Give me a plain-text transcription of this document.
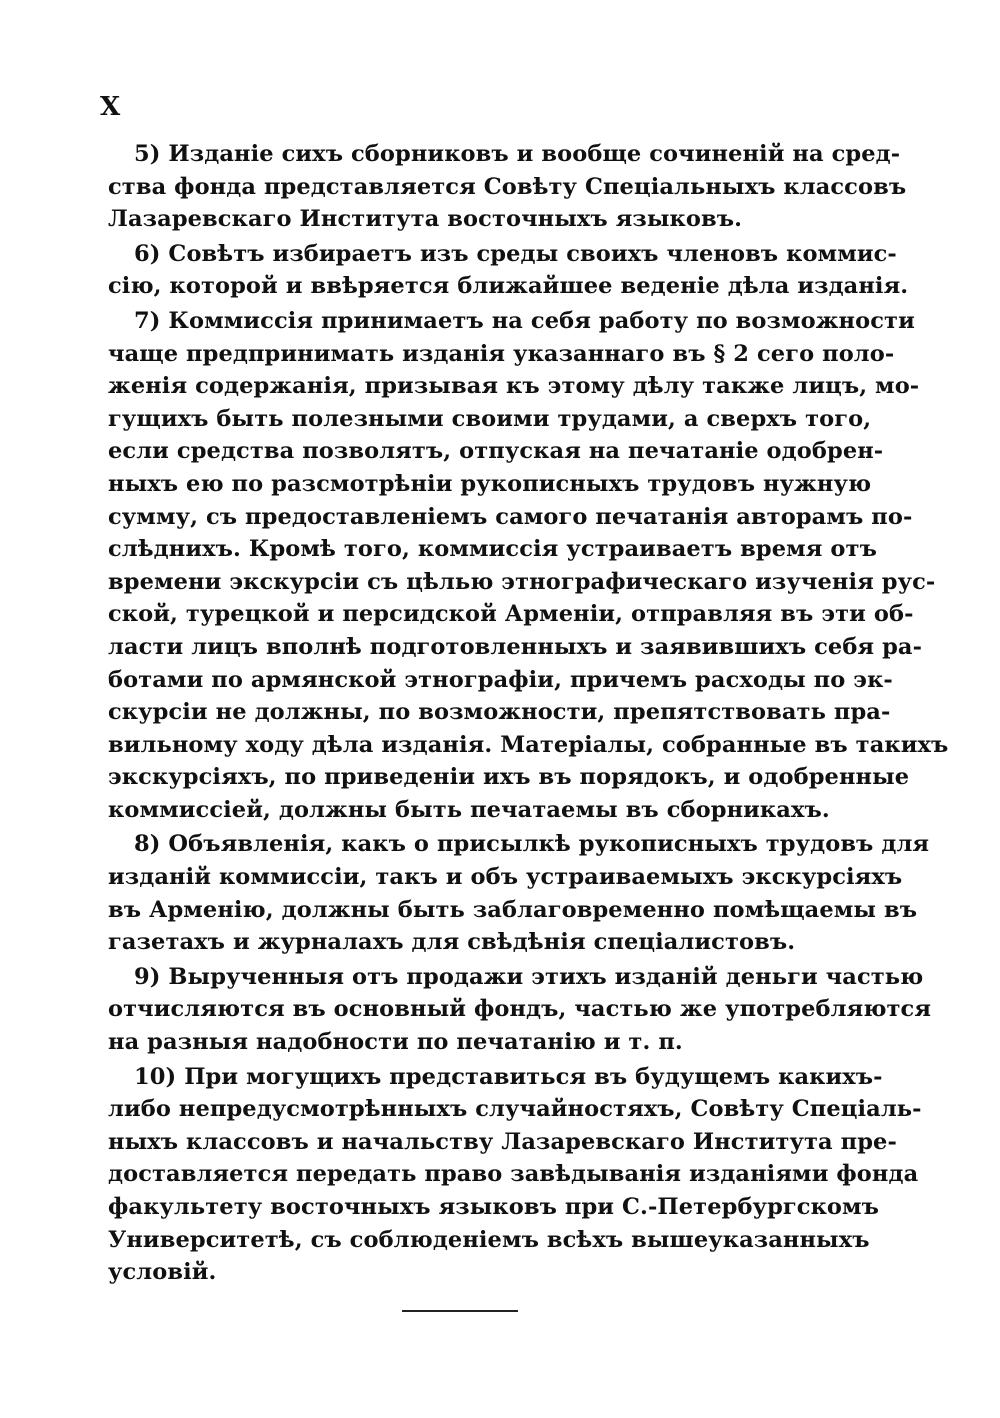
X
5) Изданіе сихъ сборниковъ и вообще сочиненій на сред-
ства фонда представляется Совѣту Спеціальныхъ классовъ
Лазаревскаго Института восточныхъ языковъ.
6) Совѣтъ избираетъ изъ среды своихъ членовъ коммис-
сію, которой и ввѣряется ближайшее веденіе дѣла изданія.
7) Коммиссія принимаетъ на себя работу по возможности
чаще предпринимать изданія указаннаго въ § 2 сего поло-
женія содержанія, призывая къ этому дѣлу также лицъ, мо-
гущихъ быть полезными своими трудами, а сверхъ того,
если средства позволятъ, отпуская на печатаніе одобрен-
ныхъ ею по разсмотрѣніи рукописныхъ трудовъ нужную
сумму, съ предоставленіемъ самого печатанія авторамъ по-
слѣднихъ. Кромѣ того, коммиссія устраиваетъ время отъ
времени экскурсіи съ цѣлью этнографическаго изученія рус-
ской, турецкой и персидской Арменіи, отправляя въ эти об-
ласти лицъ вполнѣ подготовленныхъ и заявившихъ себя ра-
ботами по армянской этнографіи, причемъ расходы по эк-
скурсіи не должны, по возможности, препятствовать пра-
вильному ходу дѣла изданія. Матеріалы, собранные въ такихъ
экскурсіяхъ, по приведеніи ихъ въ порядокъ, и одобренные
коммиссіей, должны быть печатаемы въ сборникахъ.
8) Объявленія, какъ о присылкѣ рукописныхъ трудовъ для
изданій коммиссіи, такъ и объ устраиваемыхъ экскурсіяхъ
въ Арменію, должны быть заблаговременно помѣщаемы въ
газетахъ и журналахъ для свѣдѣнія спеціалистовъ.
9) Вырученныя отъ продажи этихъ изданій деньги частью
отчисляются въ основный фондъ, частью же употребляются
на разныя надобности по печатанію и т. п.
10) При могущихъ представиться въ будущемъ какихъ-
либо непредусмотрѣнныхъ случайностяхъ, Совѣту Спеціаль-
ныхъ классовъ и начальству Лазаревскаго Института пре-
доставляется передать право завѣдыванія изданіями фонда
факультету восточныхъ языковъ при С.-Петербургскомъ
Университетѣ, съ соблюденіемъ всѣхъ вышеуказанныхъ
условій.
